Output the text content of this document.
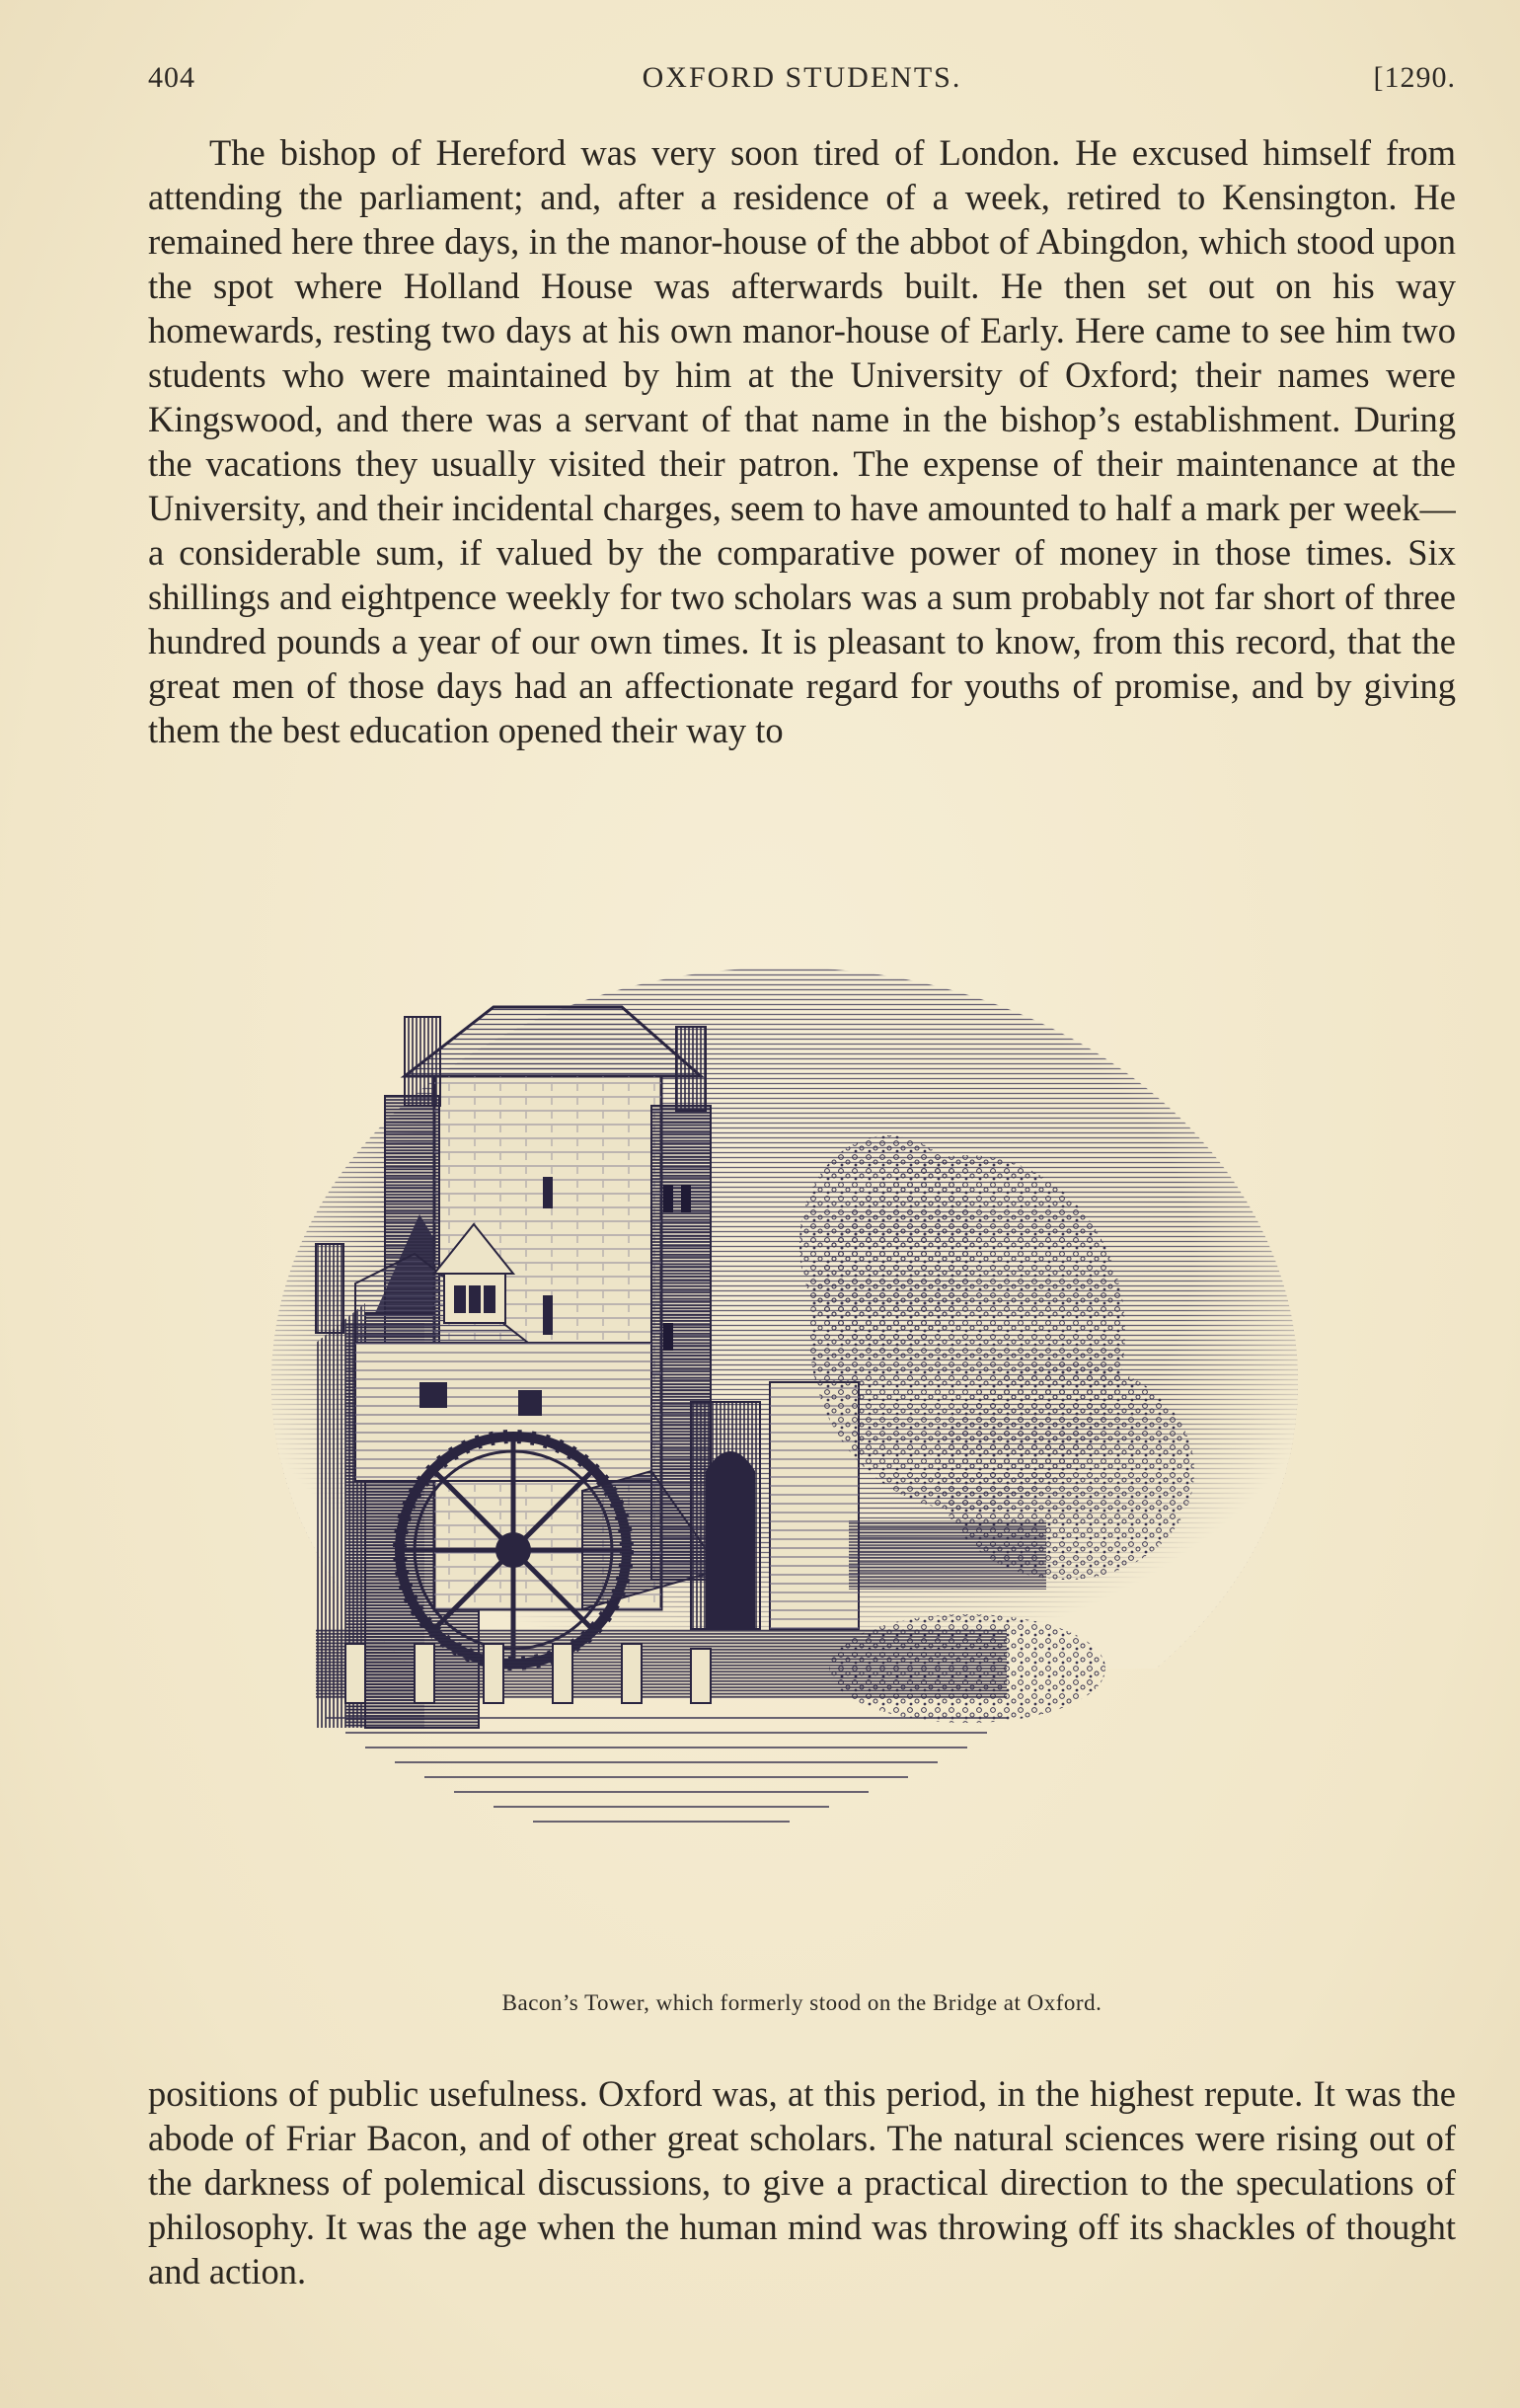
404	OXFORD STUDENTS.	[1290.

The bishop of Hereford was very soon tired of London. He excused himself from attending the parliament; and, after a residence of a week, retired to Kensington. He remained here three days, in the manor-house of the abbot of Abingdon, which stood upon the spot where Holland House was afterwards built. He then set out on his way homewards, resting two days at his own manor-house of Early. Here came to see him two students who were maintained by him at the University of Oxford; their names were Kingswood, and there was a servant of that name in the bishop’s establishment. During the vacations they usually visited their patron. The expense of their maintenance at the University, and their incidental charges, seem to have amounted to half a mark per week—a considerable sum, if valued by the comparative power of money in those times. Six shillings and eightpence weekly for two scholars was a sum probably not far short of three hundred pounds a year of our own times. It is pleasant to know, from this record, that the great men of those days had an affectionate regard for youths of promise, and by giving them the best education opened their way to

Bacon’s Tower, which formerly stood on the Bridge at Oxford.

positions of public usefulness. Oxford was, at this period, in the highest repute. It was the abode of Friar Bacon, and of other great scholars. The natural sciences were rising out of the darkness of polemical discussions, to give a practical direction to the speculations of philosophy. It was the age when the human mind was throwing off its shackles of thought and action.
